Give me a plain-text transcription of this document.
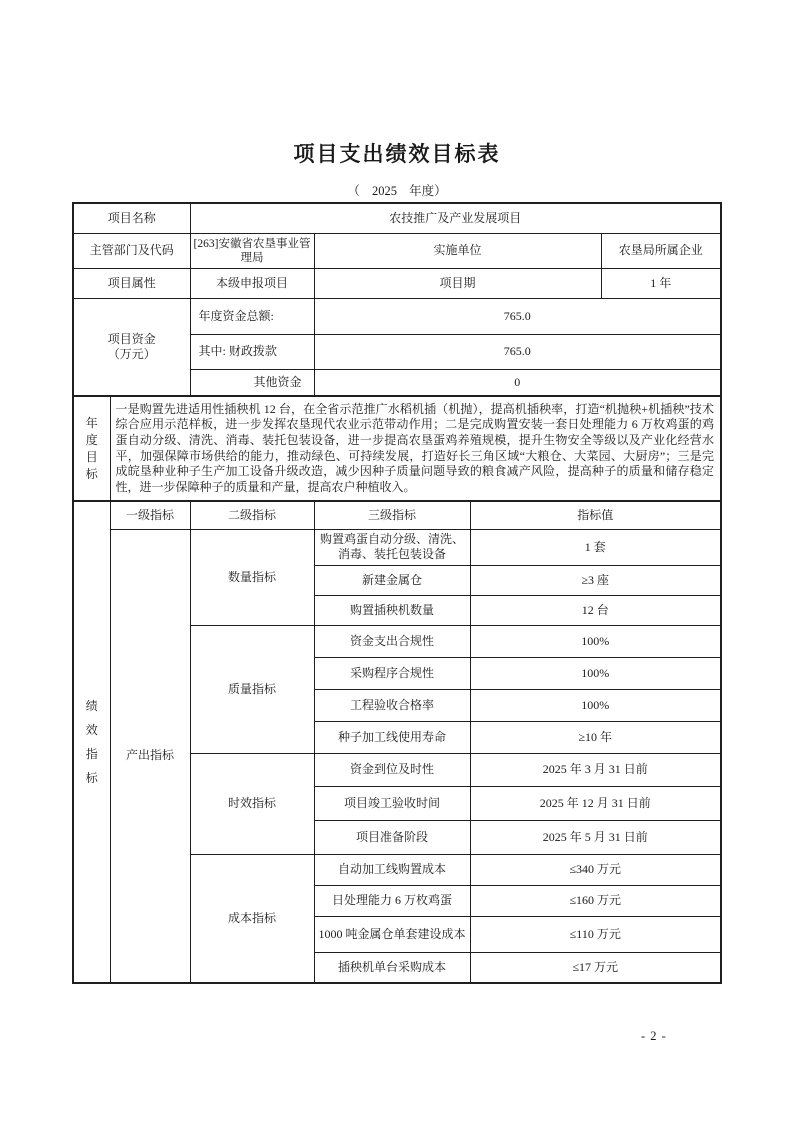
项目支出绩效目标表
（ 2025 年度）
项目名称	农技推广及产业发展项目		
主管部门及代码	[263]安徽省农垦事业管理局	实施单位	农垦局所属企业
项目属性	本级申报项目	项目期	1 年

项目资金
（万元）	年度资金总额:	765.0	
	其中: 财政拨款	765.0	
	其他资金	0	
年度目标	一是购置先进适用性插秧机 12 台，在全省示范推广水稻机插（机抛），提高机插秧率，打造“机抛秧+机插秧”技术综合应用示范样板，进一步发挥农垦现代农业示范带动作用；二是完成购置安装一套日处理能力 6 万枚鸡蛋的鸡蛋自动分级、清洗、消毒、装托包装设备，进一步提高农垦蛋鸡养殖规模，提升生物安全等级以及产业化经营水平，加强保障市场供给的能力，推动绿色、可持续发展，打造好长三角区域“大粮仓、大菜园、大厨房”；三是完成皖垦种业种子生产加工设备升级改造，减少因种子质量问题导致的粮食减产风险，提高种子的质量和储存稳定性，进一步保障种子的质量和产量，提高农户种植收入。
绩效指标	一级指标	二级指标	三级指标	指标值
	产出指标	数量指标	购置鸡蛋自动分级、清洗、消毒、装托包装设备	1 套
			新建金属仓	≥3 座
			购置插秧机数量	12 台
		质量指标	资金支出合规性	100%
			采购程序合规性	100%
			工程验收合格率	100%
			种子加工线使用寿命	≥10 年
		时效指标	资金到位及时性	2025 年 3 月 31 日前
			项目竣工验收时间	2025 年 12 月 31 日前
			项目准备阶段	2025 年 5 月 31 日前
		成本指标	自动加工线购置成本	≤340 万元
			日处理能力 6 万枚鸡蛋	≤160 万元
			1000 吨金属仓单套建设成本	≤110 万元
			插秧机单台采购成本	≤17 万元
- 2 -
